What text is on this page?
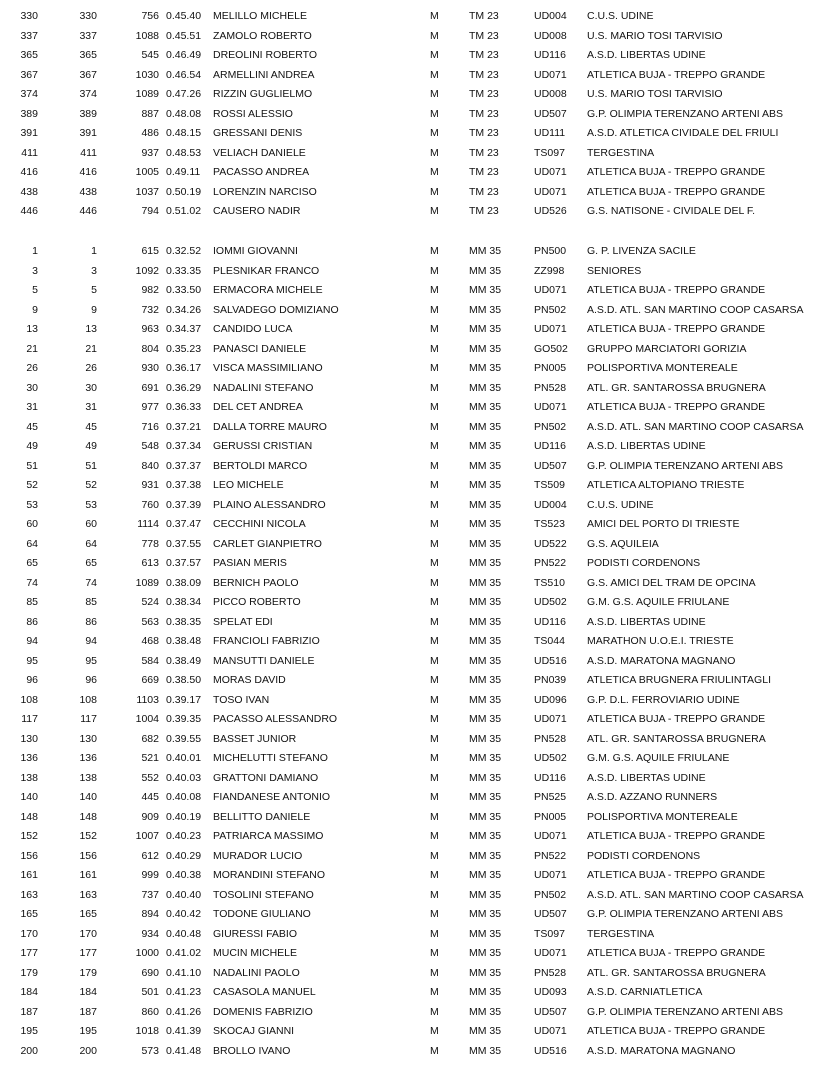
330	330	756 0.45.40	MELILLO MICHELE	M	TM 23	UD004	C.U.S. UDINE
337	337	1088 0.45.51	ZAMOLO ROBERTO	M	TM 23	UD008	U.S. MARIO TOSI TARVISIO
365	365	545 0.46.49	DREOLINI ROBERTO	M	TM 23	UD116	A.S.D. LIBERTAS UDINE
367	367	1030 0.46.54	ARMELLINI ANDREA	M	TM 23	UD071	ATLETICA BUJA - TREPPO GRANDE
374	374	1089 0.47.26	RIZZIN GUGLIELMO	M	TM 23	UD008	U.S. MARIO TOSI TARVISIO
389	389	887 0.48.08	ROSSI ALESSIO	M	TM 23	UD507	G.P. OLIMPIA TERENZANO ARTENI ABS
391	391	486 0.48.15	GRESSANI DENIS	M	TM 23	UD111	A.S.D. ATLETICA CIVIDALE DEL FRIULI
411	411	937 0.48.53	VELIACH DANIELE	M	TM 23	TS097	TERGESTINA
416	416	1005 0.49.11	PACASSO ANDREA	M	TM 23	UD071	ATLETICA BUJA - TREPPO GRANDE
438	438	1037 0.50.19	LORENZIN NARCISO	M	TM 23	UD071	ATLETICA BUJA - TREPPO GRANDE
446	446	794 0.51.02	CAUSERO NADIR	M	TM 23	UD526	G.S. NATISONE - CIVIDALE DEL F.
1	1	615 0.32.52	IOMMI GIOVANNI	M	MM 35	PN500	G. P. LIVENZA SACILE
3	3	1092 0.33.35	PLESNIKAR FRANCO	M	MM 35	ZZ998	SENIORES
5	5	982 0.33.50	ERMACORA MICHELE	M	MM 35	UD071	ATLETICA BUJA - TREPPO GRANDE
9	9	732 0.34.26	SALVADEGO DOMIZIANO	M	MM 35	PN502	A.S.D. ATL. SAN MARTINO COOP CASARSA
13	13	963 0.34.37	CANDIDO LUCA	M	MM 35	UD071	ATLETICA BUJA - TREPPO GRANDE
21	21	804 0.35.23	PANASCI DANIELE	M	MM 35	GO502	GRUPPO MARCIATORI GORIZIA
26	26	930 0.36.17	VISCA MASSIMILIANO	M	MM 35	PN005	POLISPORTIVA MONTEREALE
30	30	691 0.36.29	NADALINI STEFANO	M	MM 35	PN528	ATL. GR. SANTAROSSA BRUGNERA
31	31	977 0.36.33	DEL CET ANDREA	M	MM 35	UD071	ATLETICA BUJA - TREPPO GRANDE
45	45	716 0.37.21	DALLA TORRE MAURO	M	MM 35	PN502	A.S.D. ATL. SAN MARTINO COOP CASARSA
49	49	548 0.37.34	GERUSSI CRISTIAN	M	MM 35	UD116	A.S.D. LIBERTAS UDINE
51	51	840 0.37.37	BERTOLDI MARCO	M	MM 35	UD507	G.P. OLIMPIA TERENZANO ARTENI ABS
52	52	931 0.37.38	LEO MICHELE	M	MM 35	TS509	ATLETICA ALTOPIANO TRIESTE
53	53	760 0.37.39	PLAINO ALESSANDRO	M	MM 35	UD004	C.U.S. UDINE
60	60	1114 0.37.47	CECCHINI NICOLA	M	MM 35	TS523	AMICI DEL PORTO DI TRIESTE
64	64	778 0.37.55	CARLET GIANPIETRO	M	MM 35	UD522	G.S. AQUILEIA
65	65	613 0.37.57	PASIAN MERIS	M	MM 35	PN522	PODISTI CORDENONS
74	74	1089 0.38.09	BERNICH PAOLO	M	MM 35	TS510	G.S. AMICI DEL TRAM DE OPCINA
85	85	524 0.38.34	PICCO ROBERTO	M	MM 35	UD502	G.M. G.S. AQUILE FRIULANE
86	86	563 0.38.35	SPELAT EDI	M	MM 35	UD116	A.S.D. LIBERTAS UDINE
94	94	468 0.38.48	FRANCIOLI FABRIZIO	M	MM 35	TS044	MARATHON U.O.E.I. TRIESTE
95	95	584 0.38.49	MANSUTTI DANIELE	M	MM 35	UD516	A.S.D. MARATONA MAGNANO
96	96	669 0.38.50	MORAS DAVID	M	MM 35	PN039	ATLETICA BRUGNERA FRIULINTAGLI
108	108	1103 0.39.17	TOSO IVAN	M	MM 35	UD096	G.P. D.L. FERROVIARIO UDINE
117	117	1004 0.39.35	PACASSO ALESSANDRO	M	MM 35	UD071	ATLETICA BUJA - TREPPO GRANDE
130	130	682 0.39.55	BASSET JUNIOR	M	MM 35	PN528	ATL. GR. SANTAROSSA BRUGNERA
136	136	521 0.40.01	MICHELUTTI STEFANO	M	MM 35	UD502	G.M. G.S. AQUILE FRIULANE
138	138	552 0.40.03	GRATTONI DAMIANO	M	MM 35	UD116	A.S.D. LIBERTAS UDINE
140	140	445 0.40.08	FIANDANESE ANTONIO	M	MM 35	PN525	A.S.D. AZZANO RUNNERS
148	148	909 0.40.19	BELLITTO DANIELE	M	MM 35	PN005	POLISPORTIVA MONTEREALE
152	152	1007 0.40.23	PATRIARCA MASSIMO	M	MM 35	UD071	ATLETICA BUJA - TREPPO GRANDE
156	156	612 0.40.29	MURADOR LUCIO	M	MM 35	PN522	PODISTI CORDENONS
161	161	999 0.40.38	MORANDINI STEFANO	M	MM 35	UD071	ATLETICA BUJA - TREPPO GRANDE
163	163	737 0.40.40	TOSOLINI STEFANO	M	MM 35	PN502	A.S.D. ATL. SAN MARTINO COOP CASARSA
165	165	894 0.40.42	TODONE GIULIANO	M	MM 35	UD507	G.P. OLIMPIA TERENZANO ARTENI ABS
170	170	934 0.40.48	GIURESSI FABIO	M	MM 35	TS097	TERGESTINA
177	177	1000 0.41.02	MUCIN MICHELE	M	MM 35	UD071	ATLETICA BUJA - TREPPO GRANDE
179	179	690 0.41.10	NADALINI PAOLO	M	MM 35	PN528	ATL. GR. SANTAROSSA BRUGNERA
184	184	501 0.41.23	CASASOLA MANUEL	M	MM 35	UD093	A.S.D. CARNIATLETICA
187	187	860 0.41.26	DOMENIS FABRIZIO	M	MM 35	UD507	G.P. OLIMPIA TERENZANO ARTENI ABS
195	195	1018 0.41.39	SKOCAJ GIANNI	M	MM 35	UD071	ATLETICA BUJA - TREPPO GRANDE
200	200	573 0.41.48	BROLLO IVANO	M	MM 35	UD516	A.S.D. MARATONA MAGNANO
